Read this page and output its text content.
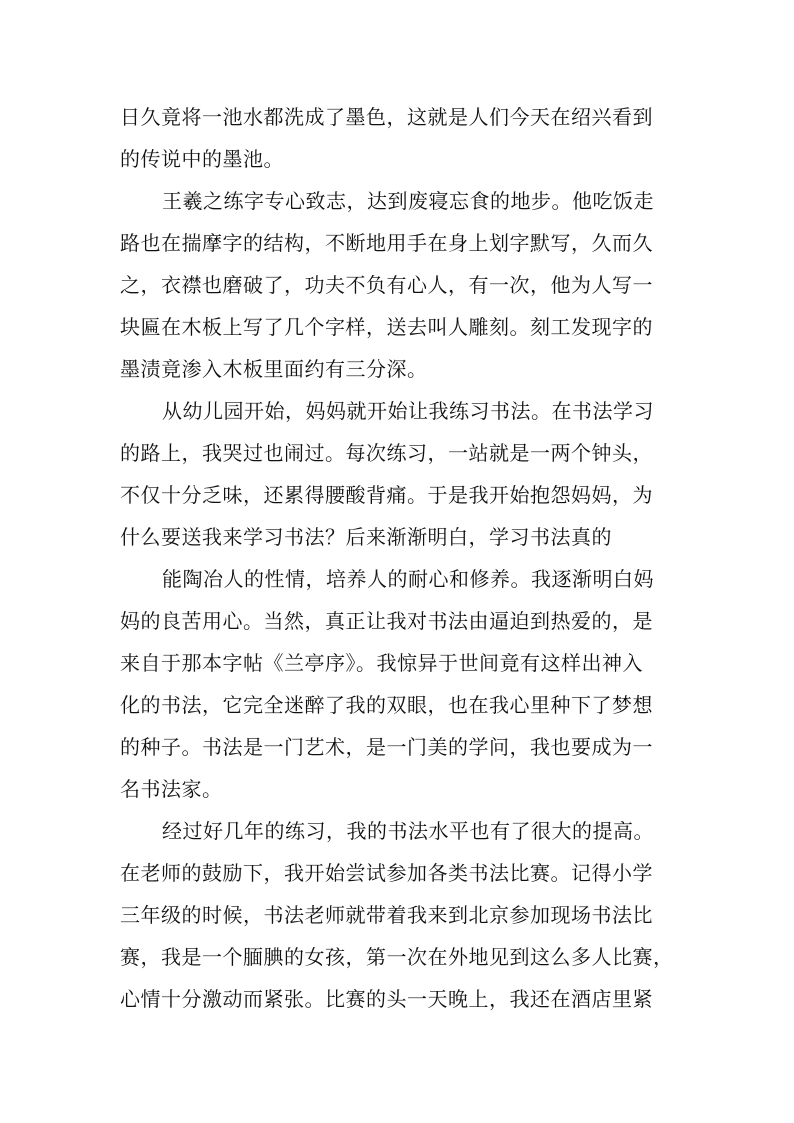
日久竟将一池水都洗成了墨色，这就是人们今天在绍兴看到
的传说中的墨池。
王羲之练字专心致志，达到废寝忘食的地步。他吃饭走
路也在揣摩字的结构，不断地用手在身上划字默写，久而久
之，衣襟也磨破了，功夫不负有心人，有一次，他为人写一
块匾在木板上写了几个字样，送去叫人雕刻。刻工发现字的
墨渍竟渗入木板里面约有三分深。
从幼儿园开始，妈妈就开始让我练习书法。在书法学习
的路上，我哭过也闹过。每次练习，一站就是一两个钟头，
不仅十分乏味，还累得腰酸背痛。于是我开始抱怨妈妈，为
什么要送我来学习书法？后来渐渐明白，学习书法真的
能陶冶人的性情，培养人的耐心和修养。我逐渐明白妈
妈的良苦用心。当然，真正让我对书法由逼迫到热爱的，是
来自于那本字帖《兰亭序》。我惊异于世间竟有这样出神入
化的书法，它完全迷醉了我的双眼，也在我心里种下了梦想
的种子。书法是一门艺术，是一门美的学问，我也要成为一
名书法家。
经过好几年的练习，我的书法水平也有了很大的提高。
在老师的鼓励下，我开始尝试参加各类书法比赛。记得小学
三年级的时候，书法老师就带着我来到北京参加现场书法比
赛，我是一个腼腆的女孩，第一次在外地见到这么多人比赛，
心情十分激动而紧张。比赛的头一天晚上，我还在酒店里紧
